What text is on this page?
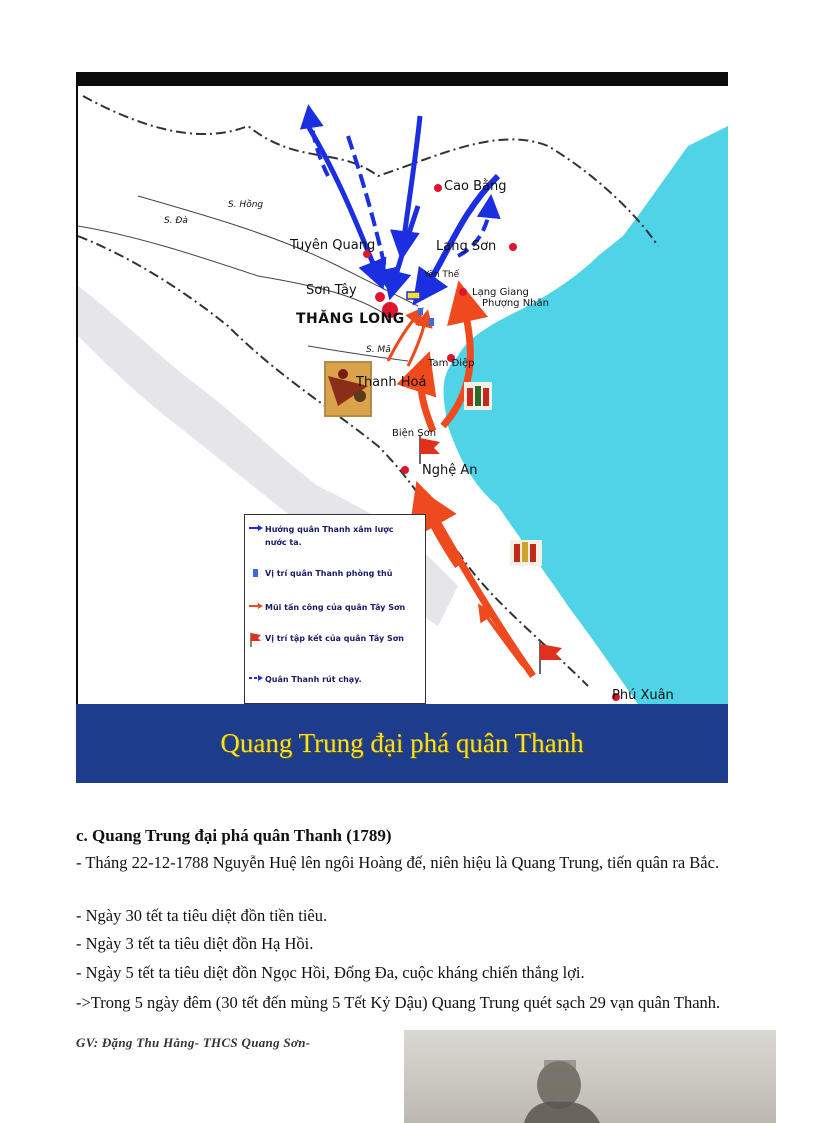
Cao Bằng
Tuyên Quang	Lạng Sơn
Sơn Tây
Yên Thế
Lạng Giang
Phượng Nhãn
THĂNG LONG
Tam Điệp
Thanh Hoá
Biện Sơn
Nghệ An
Phú Xuân
S. Đà
S. Hồng
S. Mã
Hướng quân Thanh xâm lược nước ta.
Vị trí quân Thanh phòng thủ
Mũi tấn công của quân Tây Sơn
Vị trí tập kết của quân Tây Sơn
Quân Thanh rút chạy.
Quang Trung đại phá quân Thanh
c. Quang Trung đại phá quân Thanh (1789)
- Tháng 22-12-1788 Nguyễn Huệ lên ngôi Hoàng đế, niên hiệu là Quang Trung, tiến quân ra Bắc.
- Ngày 30 tết ta tiêu diệt đồn tiền tiêu.
- Ngày 3 tết ta tiêu diệt đồn Hạ Hồi.
- Ngày 5 tết ta tiêu diệt đồn Ngọc Hồi, Đống Đa, cuộc kháng chiến thắng lợi.
->Trong 5 ngày đêm (30 tết đến mùng 5 Tết Kỷ Dậu) Quang Trung quét sạch 29 vạn quân Thanh.
GV: Đặng Thu Hằng- THCS Quang Sơn-
